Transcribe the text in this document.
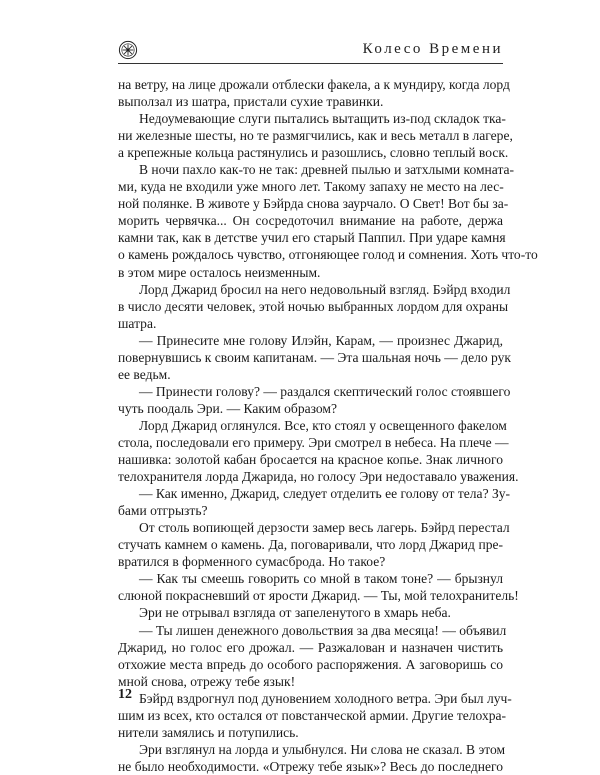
Колесо Времени
на ветру, на лице дрожали отблески факела, а к мундиру, когда лорд
выползал из шатра, пристали сухие травинки.
Недоумевающие слуги пытались вытащить из-под складок тка-
ни железные шесты, но те размягчились, как и весь металл в лагере,
а крепежные кольца растянулись и разошлись, словно теплый воск.
В ночи пахло как-то не так: древней пылью и затхлыми комната-
ми, куда не входили уже много лет. Такому запаху не место на лес-
ной полянке. В животе у Бэйрда снова заурчало. О Свет! Вот бы за-
морить червячка... Он сосредоточил внимание на работе, держа
камни так, как в детстве учил его старый Паппил. При ударе камня
о камень рождалось чувство, отгоняющее голод и сомнения. Хоть что-то
в этом мире осталось неизменным.
Лорд Джарид бросил на него недовольный взгляд. Бэйрд входил
в число десяти человек, этой ночью выбранных лордом для охраны
шатра.
— Принесите мне голову Илэйн, Карам, — произнес Джарид,
повернувшись к своим капитанам. — Эта шальная ночь — дело рук
ее ведьм.
— Принести голову? — раздался скептический голос стоявшего
чуть поодаль Эри. — Каким образом?
Лорд Джарид оглянулся. Все, кто стоял у освещенного факелом
стола, последовали его примеру. Эри смотрел в небеса. На плече —
нашивка: золотой кабан бросается на красное копье. Знак личного
телохранителя лорда Джарида, но голосу Эри недоставало уважения.
— Как именно, Джарид, следует отделить ее голову от тела? Зу-
бами отгрызть?
От столь вопиющей дерзости замер весь лагерь. Бэйрд перестал
стучать камнем о камень. Да, поговаривали, что лорд Джарид пре-
вратился в форменного сумасброда. Но такое?
— Как ты смеешь говорить со мной в таком тоне? — брызнул
слюной покрасневший от ярости Джарид. — Ты, мой телохранитель!
Эри не отрывал взгляда от запеленутого в хмарь неба.
— Ты лишен денежного довольствия за два месяца! — объявил
Джарид, но голос его дрожал. — Разжалован и назначен чистить
отхожие места впредь до особого распоряжения. А заговоришь со
мной снова, отрежу тебе язык!
Бэйрд вздрогнул под дуновением холодного ветра. Эри был луч-
шим из всех, кто остался от повстанческой армии. Другие телохра-
нители замялись и потупились.
Эри взглянул на лорда и улыбнулся. Ни слова не сказал. В этом
не было необходимости. «Отрежу тебе язык»? Весь до последнего
12
